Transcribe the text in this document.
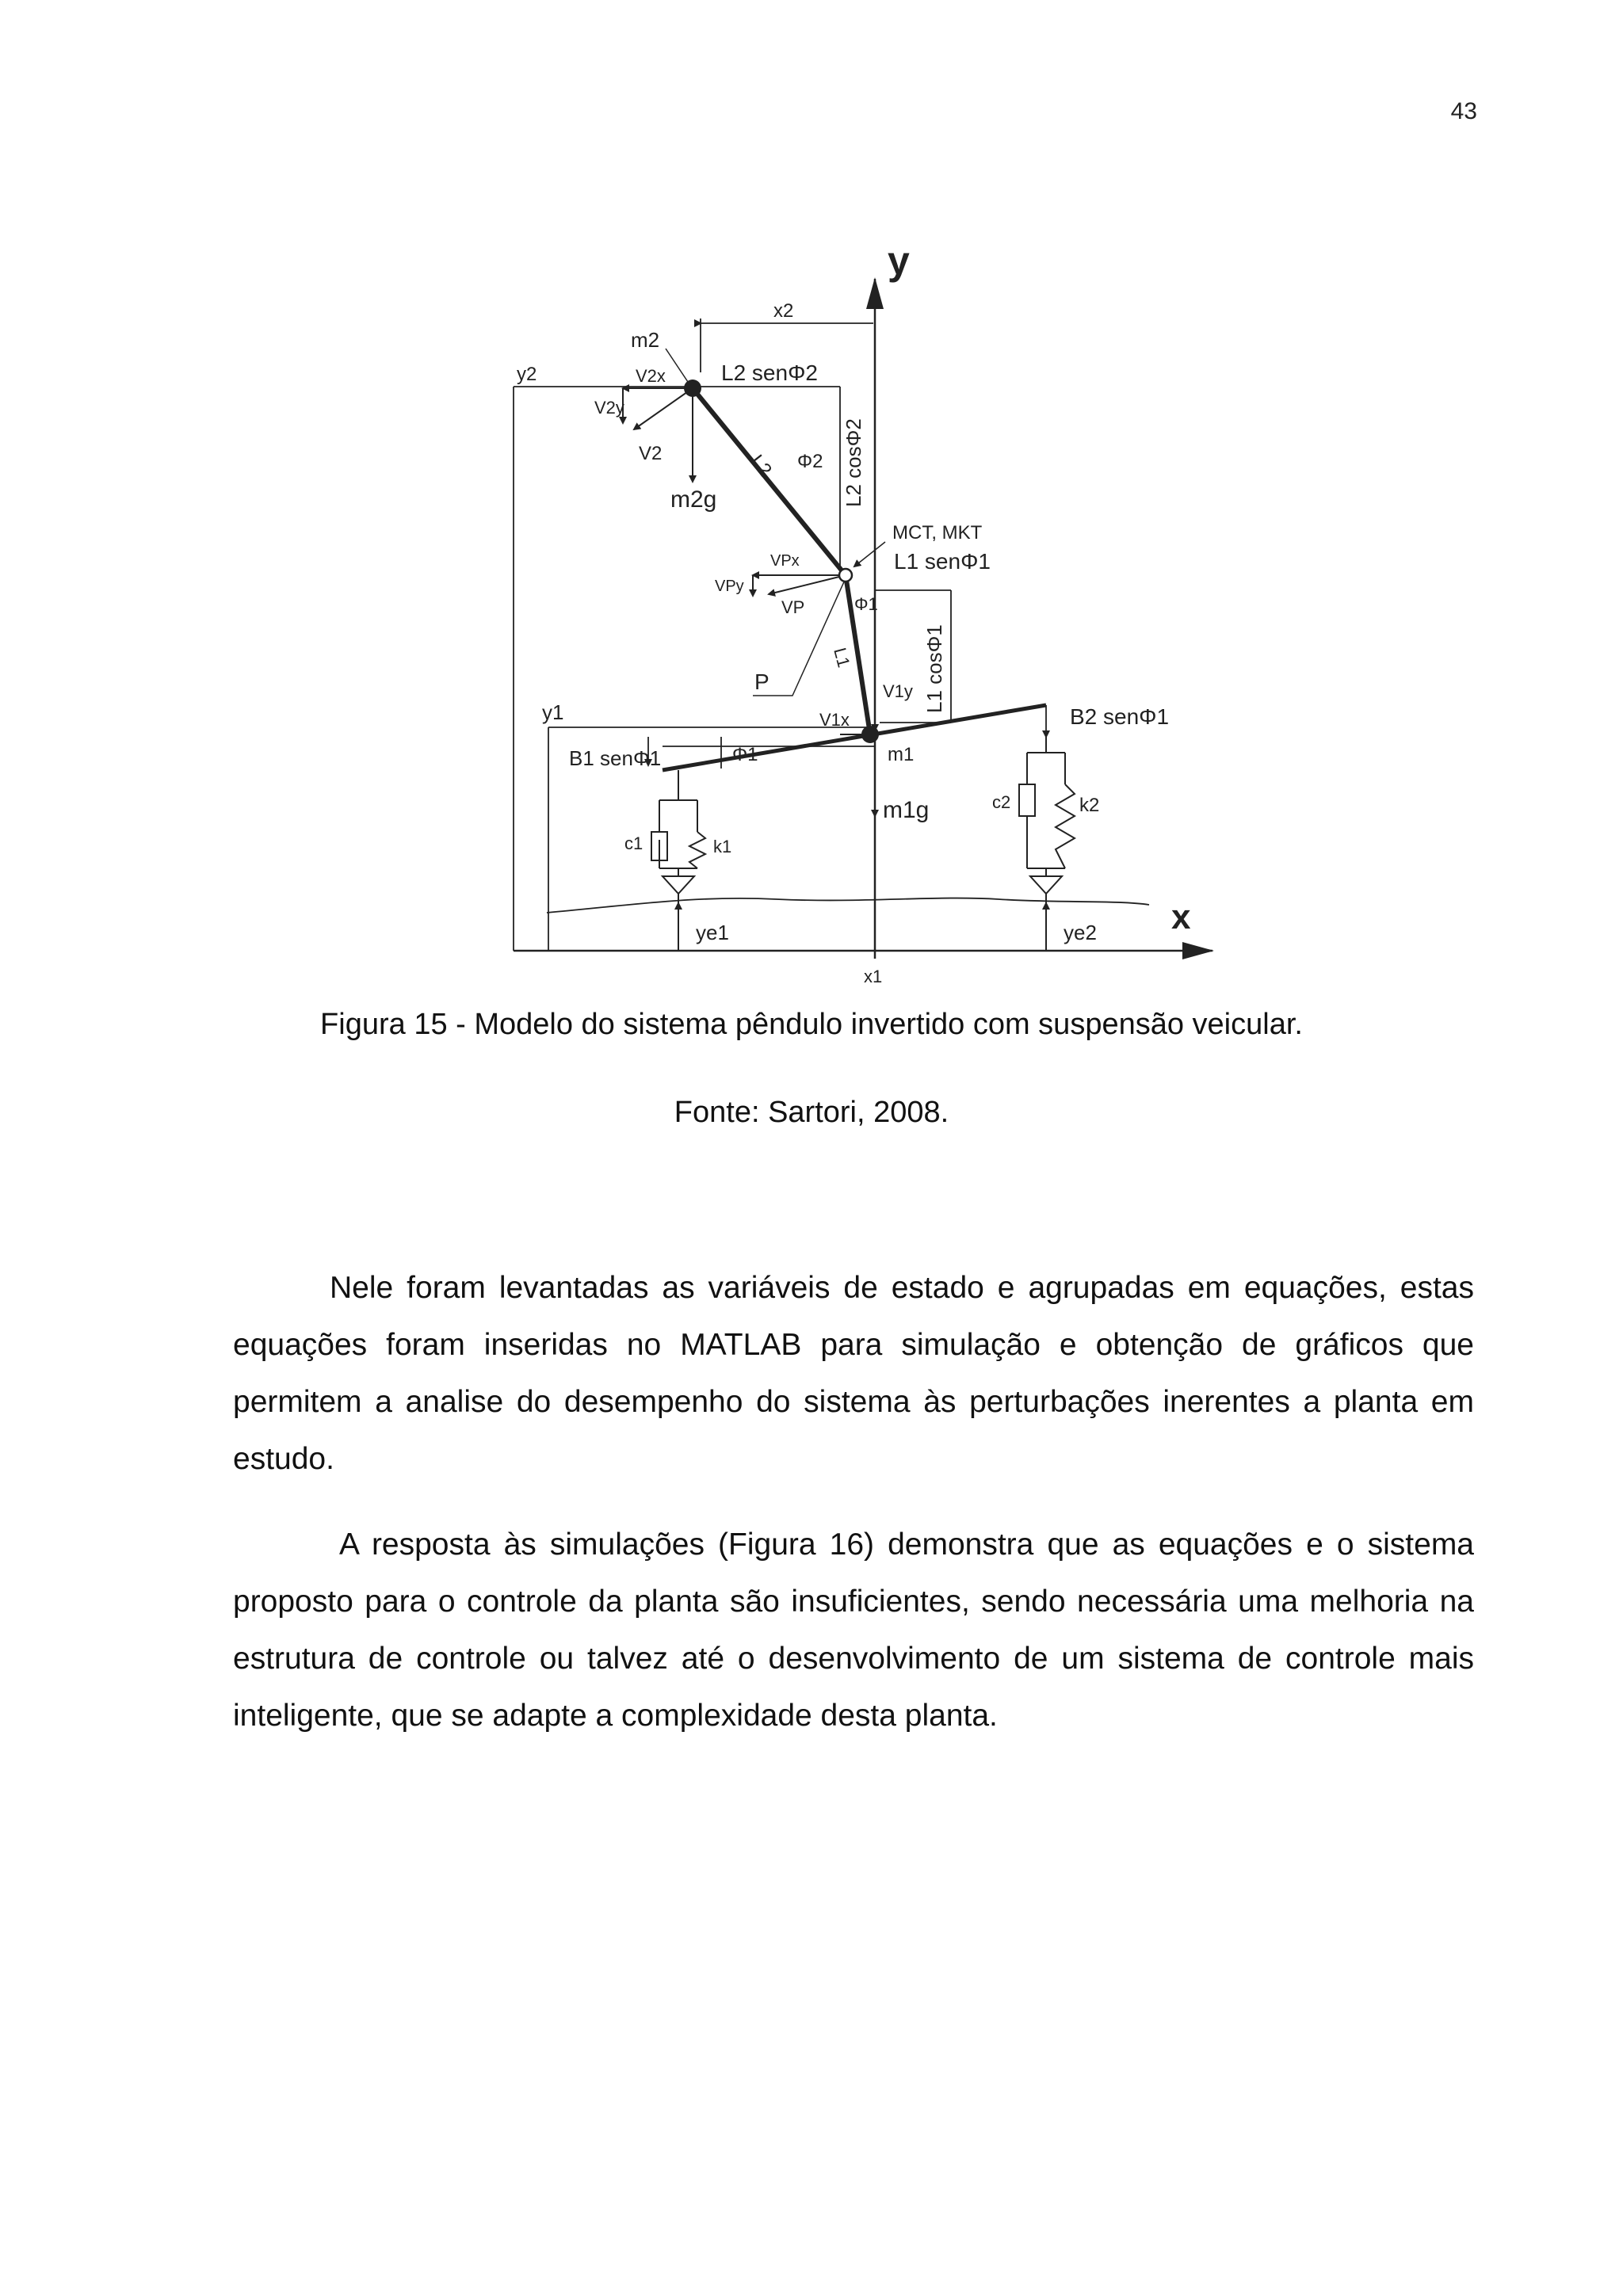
43
y
x
x2
x1
y2
y1
m2
V2x
V2y
V2
L2 senΦ2
L2 Φ2 L2 cosΦ2
m2g
MCT, MKT
L1 senΦ1
VPx
VPy
VP	Φ1
L1	L1 cosΦ1
P	V1y
V1x
B1 senΦ1	Φ1	m1
B2 senΦ1
m1g
c1	k1
c2	k2
ye1	ye2
Figura 15 - Modelo do sistema pêndulo invertido com suspensão veicular.
Fonte: Sartori, 2008.

Nele foram levantadas as variáveis de estado e agrupadas em equações, estas equações foram inseridas no MATLAB para simulação e obtenção de gráficos que permitem a analise do desempenho do sistema às perturbações inerentes a planta em estudo.

A resposta às simulações (Figura 16) demonstra que as equações e o sistema proposto para o controle da planta são insuficientes, sendo necessária uma melhoria na estrutura de controle ou talvez até o desenvolvimento de um sistema de controle mais inteligente, que se adapte a complexidade desta planta.
